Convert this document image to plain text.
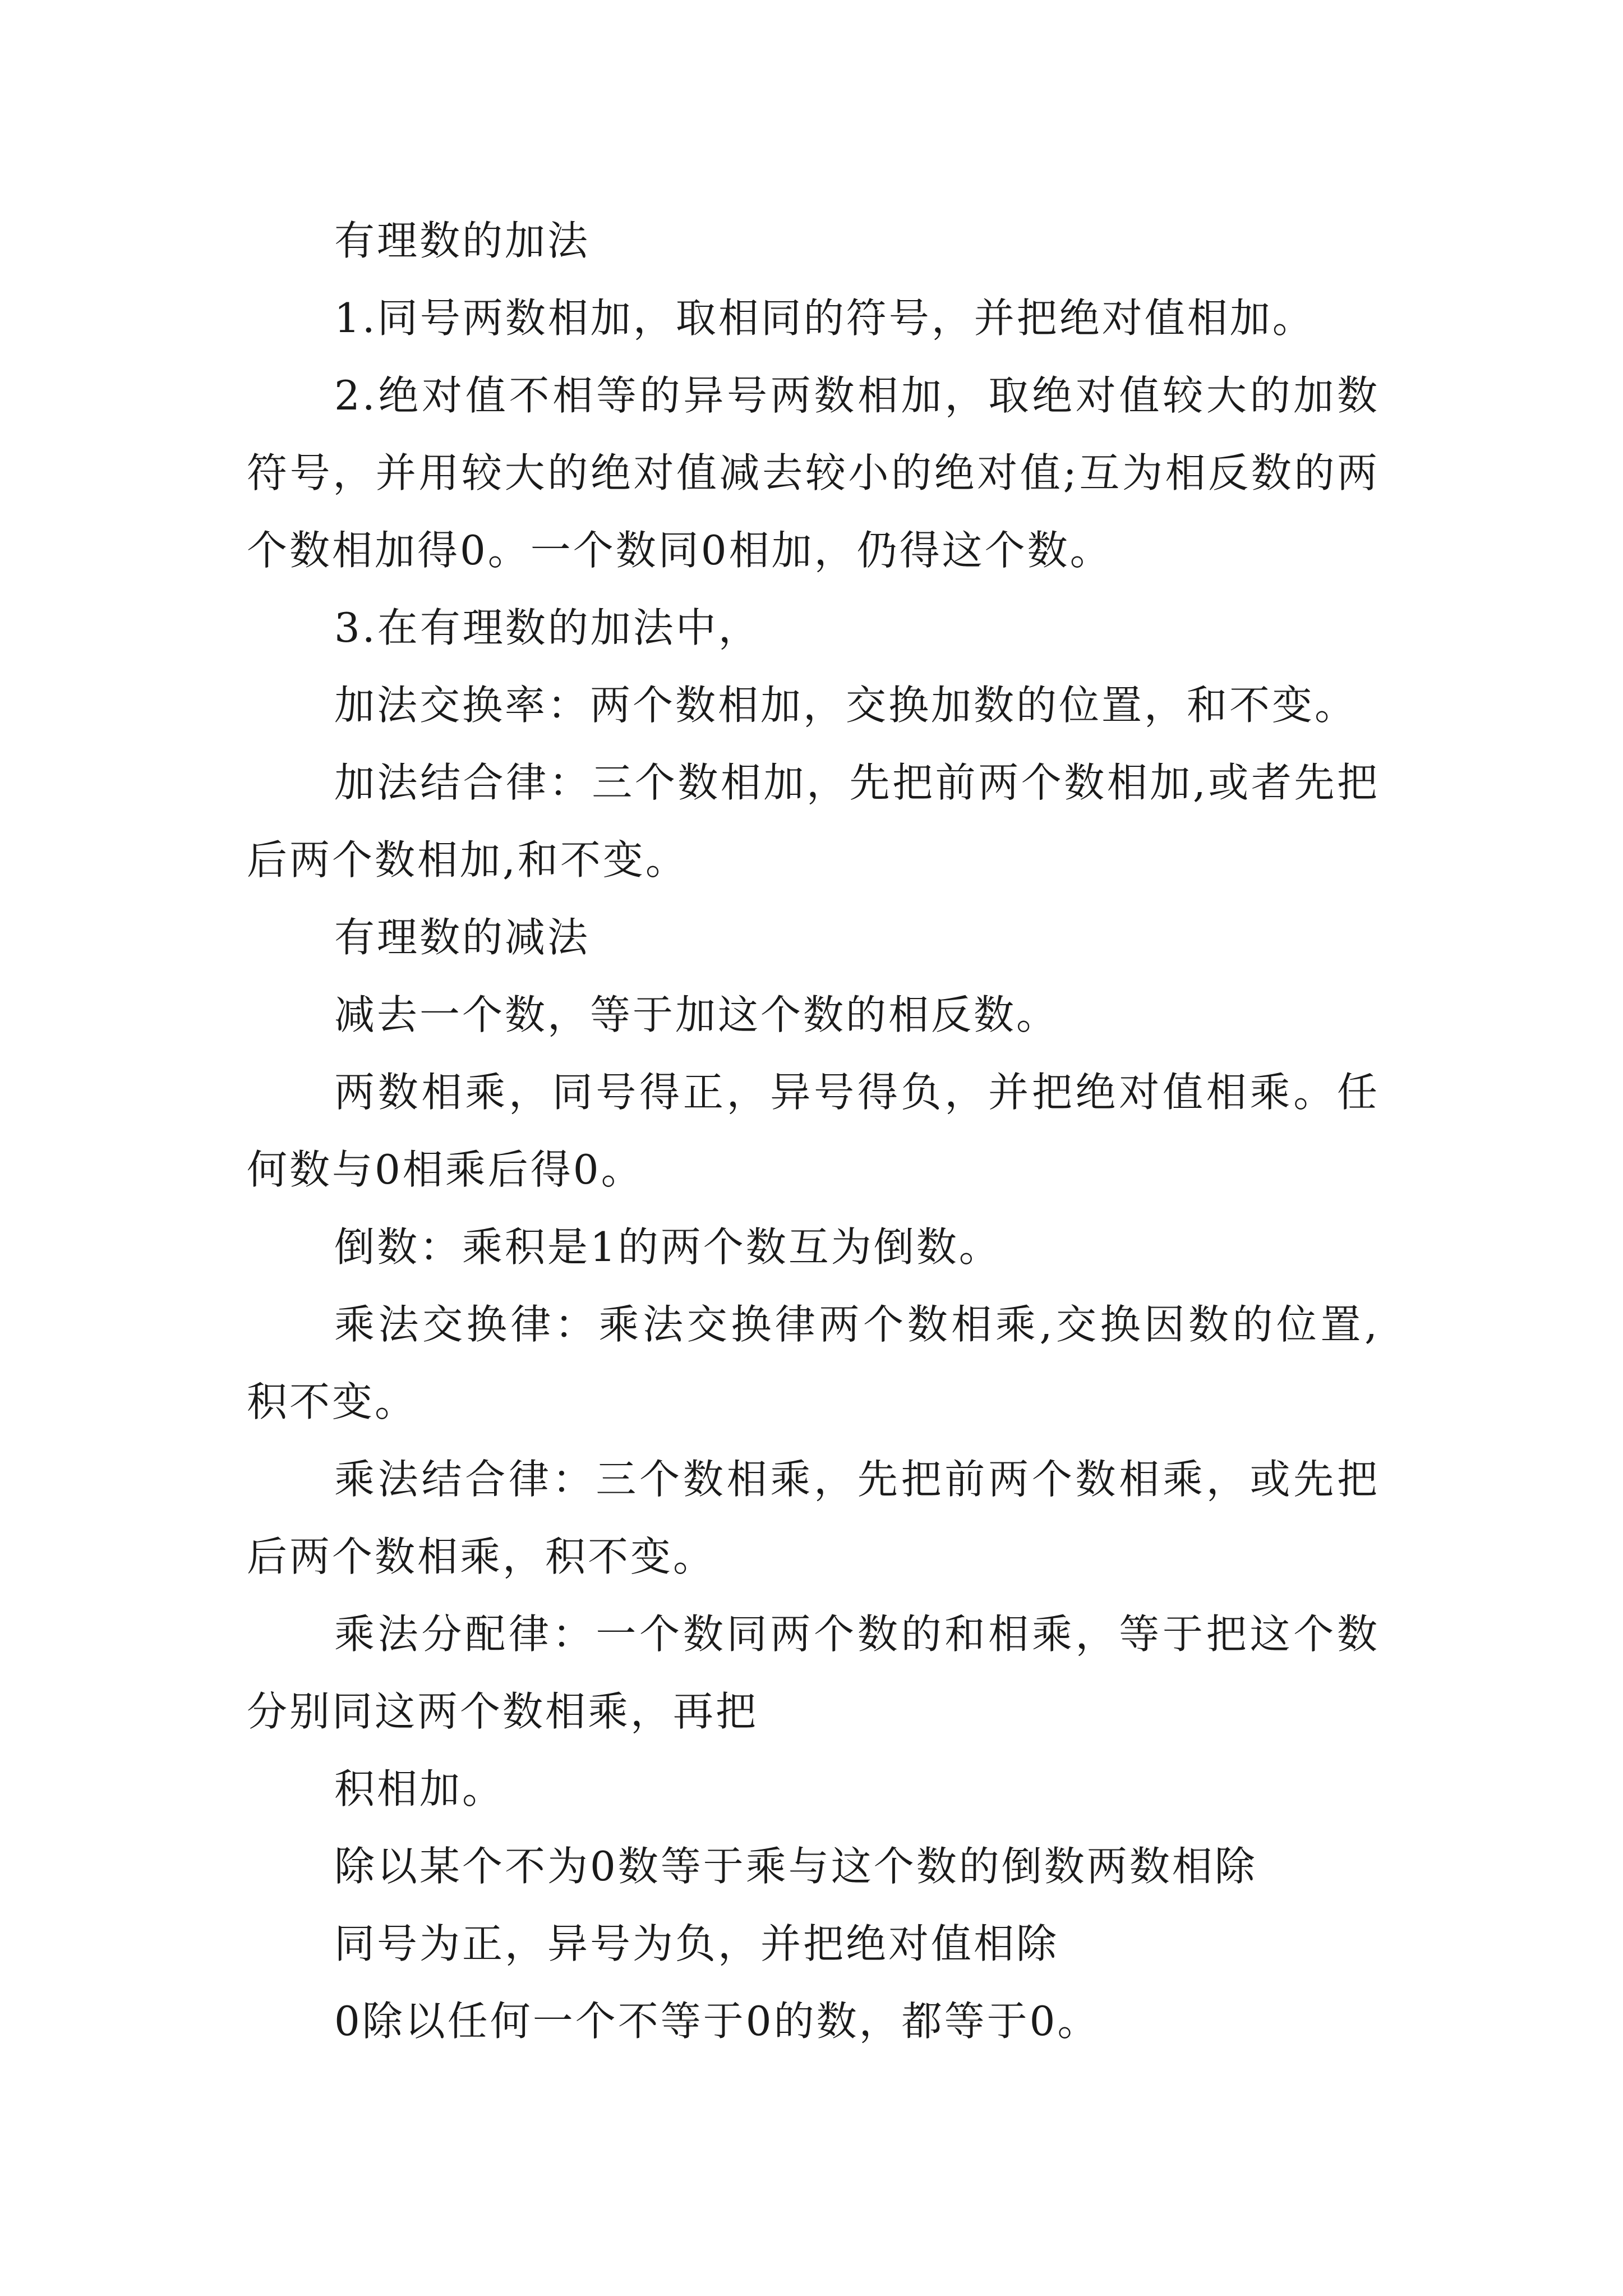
有理数的加法

1.同号两数相加，取相同的符号，并把绝对值相加。

2.绝对值不相等的异号两数相加，取绝对值较大的加数符号，并用较大的绝对值减去较小的绝对值;互为相反数的两个数相加得0。一个数同0相加，仍得这个数。

3.在有理数的加法中，

加法交换率：两个数相加，交换加数的位置，和不变。

加法结合律：三个数相加，先把前两个数相加,或者先把后两个数相加,和不变。

有理数的减法

减去一个数，等于加这个数的相反数。

两数相乘，同号得正，异号得负，并把绝对值相乘。任何数与0相乘后得0。

倒数：乘积是1的两个数互为倒数。

乘法交换律：乘法交换律两个数相乘,交换因数的位置,积不变。

乘法结合律：三个数相乘，先把前两个数相乘，或先把后两个数相乘，积不变。

乘法分配律：一个数同两个数的和相乘，等于把这个数分别同这两个数相乘，再把

积相加。

除以某个不为0数等于乘与这个数的倒数两数相除

同号为正，异号为负，并把绝对值相除

0除以任何一个不等于0的数，都等于0。
